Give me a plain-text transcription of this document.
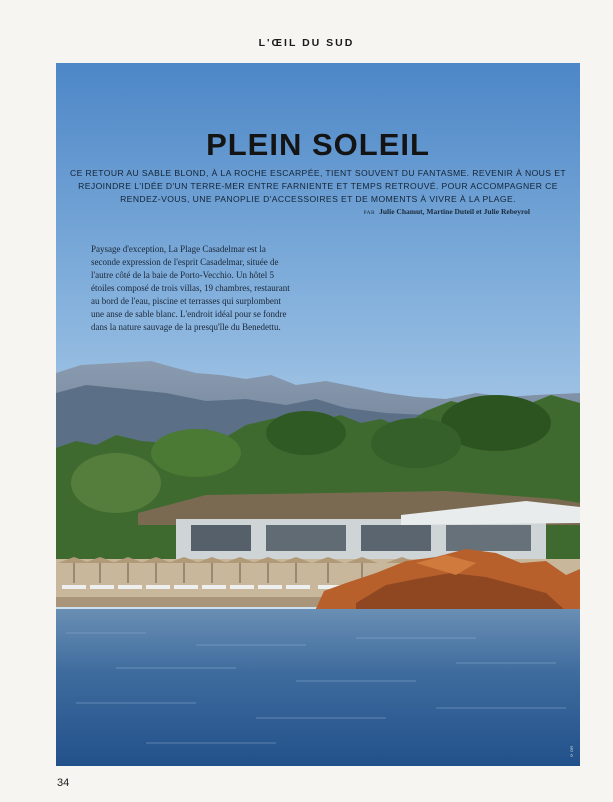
L'ŒIL DU SUD
PLEIN SOLEIL
CE RETOUR AU SABLE BLOND, À LA ROCHE ESCARPÉE, TIENT SOUVENT DU FANTASME. REVENIR À NOUS ET REJOINDRE L'IDÉE D'UN TERRE-MER ENTRE FARNIENTE ET TEMPS RETROUVÉ. POUR ACCOMPAGNER CE RENDEZ-VOUS, UNE PANOPLIE D'ACCESSOIRES ET DE MOMENTS À VIVRE À LA PLAGE.
PAR Julie Chamut, Martine Duteil et Julie Rebeyrol
Paysage d'exception, La Plage Casadelmar est la seconde expression de l'esprit Casadelmar, située de l'autre côté de la baie de Porto-Vecchio. Un hôtel 5 étoiles composé de trois villas, 19 chambres, restaurant au bord de l'eau, piscine et terrasses qui surplombent une anse de sable blanc. L'endroit idéal pour se fondre dans la nature sauvage de la presqu'île du Benedettu.
© DR
34
